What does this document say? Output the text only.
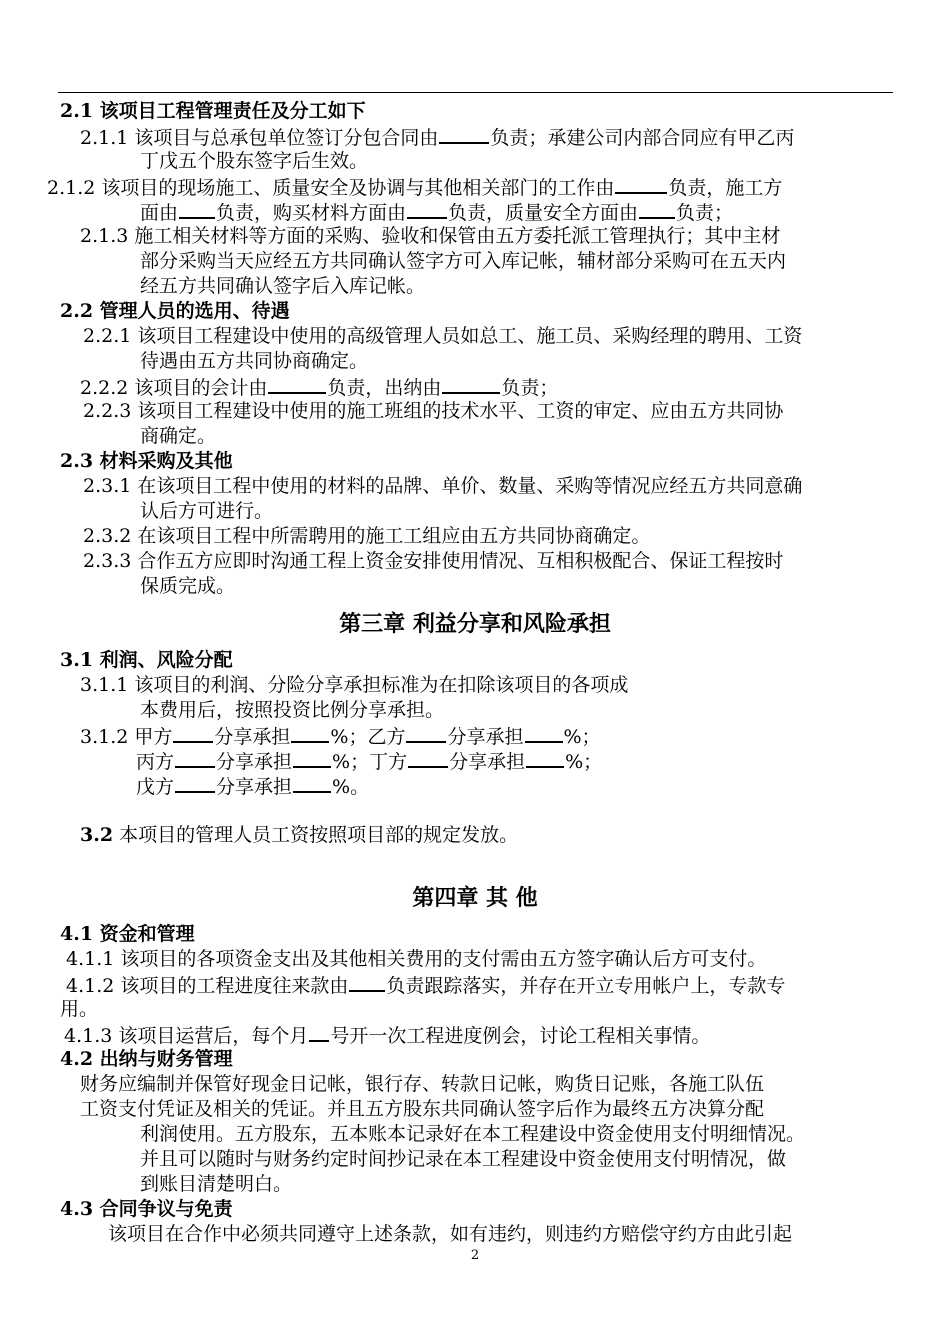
2.1 该项目工程管理责任及分工如下
2.1.1 该项目与总承包单位签订分包合同由	负责；承建公司内部合同应有甲乙丙
丁戊五个股东签字后生效。
2.1.2 该项目的现场施工、质量安全及协调与其他相关部门的工作由	负责，施工方
面由 负责，购买材料方面由 负责，质量安全方面由 负责；
2.1.3 施工相关材料等方面的采购、验收和保管由五方委托派工管理执行；其中主材
部分采购当天应经五方共同确认签字方可入库记帐，辅材部分采购可在五天内
经五方共同确认签字后入库记帐。
2.2 管理人员的选用、待遇
2.2.1 该项目工程建设中使用的高级管理人员如总工、施工员、采购经理的聘用、工资
待遇由五方共同协商确定。
2.2.2 该项目的会计由	负责，出纳由	负责；
2.2.3 该项目工程建设中使用的施工班组的技术水平、工资的审定、应由五方共同协
商确定。
2.3 材料采购及其他
2.3.1 在该项目工程中使用的材料的品牌、单价、数量、采购等情况应经五方共同意确
认后方可进行。
2.3.2 在该项目工程中所需聘用的施工工组应由五方共同协商确定。
2.3.3 合作五方应即时沟通工程上资金安排使用情况、互相积极配合、保证工程按时
保质完成。
第三章 利益分享和风险承担
3.1 利润、风险分配
3.1.1 该项目的利润、分险分享承担标准为在扣除该项目的各项成
本费用后，按照投资比例分享承担。
3.1.2 甲方 分享承担 %；乙方 分享承担 %；
丙方 分享承担 %；丁方 分享承担 %；
戊方 分享承担 %。
3.2 本项目的管理人员工资按照项目部的规定发放。
第四章 其 他
4.1 资金和管理
4.1.1 该项目的各项资金支出及其他相关费用的支付需由五方签字确认后方可支付。
4.1.2 该项目的工程进度往来款由 负责跟踪落实，并存在开立专用帐户上，专款专
用。
4.1.3 该项目运营后，每个月 号开一次工程进度例会，讨论工程相关事情。
4.2 出纳与财务管理
财务应编制并保管好现金日记帐，银行存、转款日记帐，购货日记账，各施工队伍
工资支付凭证及相关的凭证。并且五方股东共同确认签字后作为最终五方决算分配
利润使用。五方股东，五本账本记录好在本工程建设中资金使用支付明细情况。
并且可以随时与财务约定时间抄记录在本工程建设中资金使用支付明情况，做
到账目清楚明白。
4.3 合同争议与免责
该项目在合作中必须共同遵守上述条款，如有违约，则违约方赔偿守约方由此引起
2
